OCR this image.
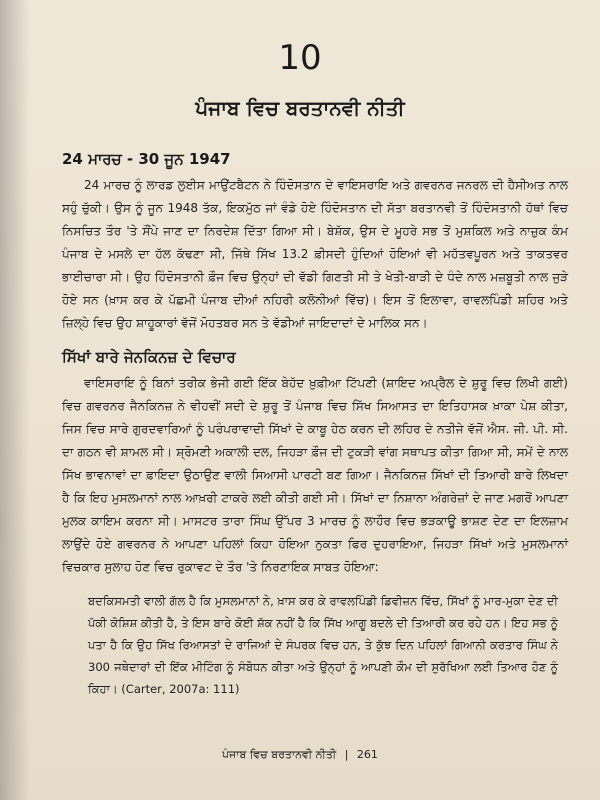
10
ਪੰਜਾਬ ਵਿਚ ਬਰਤਾਨਵੀ ਨੀਤੀ
24 ਮਾਰਚ - 30 ਜੂਨ 1947

24 ਮਾਰਚ ਨੂੰ ਲਾਰਡ ਲੁਈਸ ਮਾਉਂਟਬੈਟਨ ਨੇ ਹਿੰਦੋਸਤਾਨ ਦੇ ਵਾਇਸਰਾਇ ਅਤੇ ਗਵਰਨਰ ਜਨਰਲ ਦੀ ਹੈਸੀਅਤ ਨਾਲ ਸਹੁੰ ਚੁੱਕੀ। ਉਸ ਨੂੰ ਜੂਨ 1948 ਤੱਕ, ਇਕਮੁੱਠ ਜਾਂ ਵੰਡੇ ਹੋਏ ਹਿੰਦੋਸਤਾਨ ਦੀ ਸੱਤਾ ਬਰਤਾਨਵੀ ਤੋਂ ਹਿੰਦੋਸਤਾਨੀ ਹੱਥਾਂ ਵਿਚ ਨਿਸਚਿਤ ਤੌਰ 'ਤੇ ਸੌਂਪੇ ਜਾਣ ਦਾ ਨਿਰਦੇਸ਼ ਦਿੱਤਾ ਗਿਆ ਸੀ। ਬੇਸ਼ੱਕ, ਉਸ ਦੇ ਮੂਹਰੇ ਸਭ ਤੋਂ ਮੁਸ਼ਕਿਲ ਅਤੇ ਨਾਜ਼ੁਕ ਕੰਮ ਪੰਜਾਬ ਦੇ ਮਸਲੇ ਦਾ ਹੱਲ ਕੱਢਣਾ ਸੀ, ਜਿੱਥੇ ਸਿੱਖ 13.2 ਫ਼ੀਸਦੀ ਹੁੰਦਿਆਂ ਹੋਇਆਂ ਵੀ ਮਹੱਤਵਪੂਰਨ ਅਤੇ ਤਾਕਤਵਰ ਭਾਈਚਾਰਾ ਸੀ। ਉਹ ਹਿੰਦੋਸਤਾਨੀ ਫ਼ੌਜ ਵਿਚ ਉਨ੍ਹਾਂ ਦੀ ਵੱਡੀ ਗਿਣਤੀ ਸੀ ਤੇ ਖੇਤੀ-ਬਾੜੀ ਦੇ ਧੰਦੇ ਨਾਲ ਮਜ਼ਬੂਤੀ ਨਾਲ ਜੁੜੇ ਹੋਏ ਸਨ (ਖ਼ਾਸ ਕਰ ਕੇ ਪੱਛਮੀ ਪੰਜਾਬ ਦੀਆਂ ਨਹਿਰੀ ਕਲੋਨੀਆਂ ਵਿੱਚ)। ਇਸ ਤੋਂ ਇਲਾਵਾ, ਰਾਵਲਪਿੰਡੀ ਸ਼ਹਿਰ ਅਤੇ ਜ਼ਿਲ੍ਹੇ ਵਿਚ ਉਹ ਸ਼ਾਹੂਕਾਰਾਂ ਵੱਜੋਂ ਮੋਹਤਬਰ ਸਨ ਤੇ ਵੱਡੀਆਂ ਜਾਇਦਾਦਾਂ ਦੇ ਮਾਲਿਕ ਸਨ।

ਸਿੱਖਾਂ ਬਾਰੇ ਜੇਨਕਿਨਜ਼ ਦੇ ਵਿਚਾਰ

ਵਾਇਸਰਾਇ ਨੂੰ ਬਿਨਾਂ ਤਰੀਕ ਭੇਜੀ ਗਈ ਇੱਕ ਬੇਹੱਦ ਖ਼ੁਫ਼ੀਆ ਟਿੱਪਣੀ (ਸ਼ਾਇਦ ਅਪ੍ਰੈਲ ਦੇ ਸ਼ੁਰੂ ਵਿਚ ਲਿਖੀ ਗਈ) ਵਿਚ ਗਵਰਨਰ ਜੈਨਕਿਨਜ਼ ਨੇ ਵੀਹਵੀਂ ਸਦੀ ਦੇ ਸ਼ੁਰੂ ਤੋਂ ਪੰਜਾਬ ਵਿਚ ਸਿੱਖ ਸਿਆਸਤ ਦਾ ਇਤਿਹਾਸਕ ਖ਼ਾਕਾ ਪੇਸ਼ ਕੀਤਾ, ਜਿਸ ਵਿਚ ਸਾਰੇ ਗੁਰਦਵਾਰਿਆਂ ਨੂੰ ਪਰੰਪਰਾਵਾਦੀ ਸਿੱਖਾਂ ਦੇ ਕਾਬੂ ਹੇਠ ਕਰਨ ਦੀ ਲਹਿਰ ਦੇ ਨਤੀਜੇ ਵੱਜੋਂ ਐਸ. ਜੀ. ਪੀ. ਸੀ. ਦਾ ਗਠਨ ਵੀ ਸ਼ਾਮਲ ਸੀ। ਸ਼੍ਰੋਮਣੀ ਅਕਾਲੀ ਦਲ, ਜਿਹੜਾ ਫ਼ੌਜ ਦੀ ਟੁਕੜੀ ਵਾਂਗ ਸਥਾਪਤ ਕੀਤਾ ਗਿਆ ਸੀ, ਸਮੇਂ ਦੇ ਨਾਲ ਸਿੱਖ ਭਾਵਨਾਵਾਂ ਦਾ ਫ਼ਾਇਦਾ ਉਠਾਉਣ ਵਾਲੀ ਸਿਆਸੀ ਪਾਰਟੀ ਬਣ ਗਿਆ। ਜੈਨਕਿਨਜ਼ ਸਿੱਖਾਂ ਦੀ ਤਿਆਰੀ ਬਾਰੇ ਲਿਖਦਾ ਹੈ ਕਿ ਇਹ ਮੁਸਲਮਾਨਾਂ ਨਾਲ ਆਖ਼ਰੀ ਟਾਕਰੇ ਲਈ ਕੀਤੀ ਗਈ ਸੀ। ਸਿੱਖਾਂ ਦਾ ਨਿਸ਼ਾਨਾ ਅੰਗਰੇਜ਼ਾਂ ਦੇ ਜਾਣ ਮਗਰੋਂ ਆਪਣਾ ਮੁਲਕ ਕਾਇਮ ਕਰਨਾ ਸੀ। ਮਾਸਟਰ ਤਾਰਾ ਸਿੰਘ ਉੱਪਰ 3 ਮਾਰਚ ਨੂੰ ਲਾਹੌਰ ਵਿਚ ਭੜਕਾਊ ਭਾਸ਼ਣ ਦੇਣ ਦਾ ਇਲਜ਼ਾਮ ਲਾਉਂਦੇ ਹੋਏ ਗਵਰਨਰ ਨੇ ਆਪਣਾ ਪਹਿਲਾਂ ਕਿਹਾ ਹੋਇਆ ਨੁਕਤਾ ਫਿਰ ਦੁਹਰਾਇਆ, ਜਿਹੜਾ ਸਿੱਖਾਂ ਅਤੇ ਮੁਸਲਮਾਨਾਂ ਵਿਚਕਾਰ ਸੁਲਾਹ ਹੋਣ ਵਿਚ ਰੁਕਾਵਟ ਦੇ ਤੌਰ 'ਤੇ ਨਿਰਣਾਇਕ ਸਾਬਤ ਹੋਇਆ:

ਬਦਕਿਸਮਤੀ ਵਾਲੀ ਗੱਲ ਹੈ ਕਿ ਮੁਸਲਮਾਨਾਂ ਨੇ, ਖ਼ਾਸ ਕਰ ਕੇ ਰਾਵਲਪਿੰਡੀ ਡਿਵੀਜ਼ਨ ਵਿੱਚ, ਸਿੱਖਾਂ ਨੂੰ ਮਾਰ-ਮੁਕਾ ਦੇਣ ਦੀ ਪੱਕੀ ਕੋਸ਼ਿਸ਼ ਕੀਤੀ ਹੈ, ਤੇ ਇਸ ਬਾਰੇ ਕੋਈ ਸ਼ੱਕ ਨਹੀਂ ਹੈ ਕਿ ਸਿੱਖ ਆਗੂ ਬਦਲੇ ਦੀ ਤਿਆਰੀ ਕਰ ਰਹੇ ਹਨ। ਇਹ ਸਭ ਨੂੰ ਪਤਾ ਹੈ ਕਿ ਉਹ ਸਿੱਖ ਰਿਆਸਤਾਂ ਦੇ ਰਾਜਿਆਂ ਦੇ ਸੰਪਰਕ ਵਿਚ ਹਨ, ਤੇ ਕੁੱਝ ਦਿਨ ਪਹਿਲਾਂ ਗਿਆਨੀ ਕਰਤਾਰ ਸਿੰਘ ਨੇ 300 ਜਥੇਦਾਰਾਂ ਦੀ ਇੱਕ ਮੀਟਿੰਗ ਨੂੰ ਸੰਬੋਧਨ ਕੀਤਾ ਅਤੇ ਉਨ੍ਹਾਂ ਨੂੰ ਆਪਣੀ ਕੌਮ ਦੀ ਸੁਰੱਖਿਆ ਲਈ ਤਿਆਰ ਹੋਣ ਨੂੰ ਕਿਹਾ। (Carter, 2007a: 111)

ਪੰਜਾਬ ਵਿਚ ਬਰਤਾਨਵੀ ਨੀਤੀ | 261
